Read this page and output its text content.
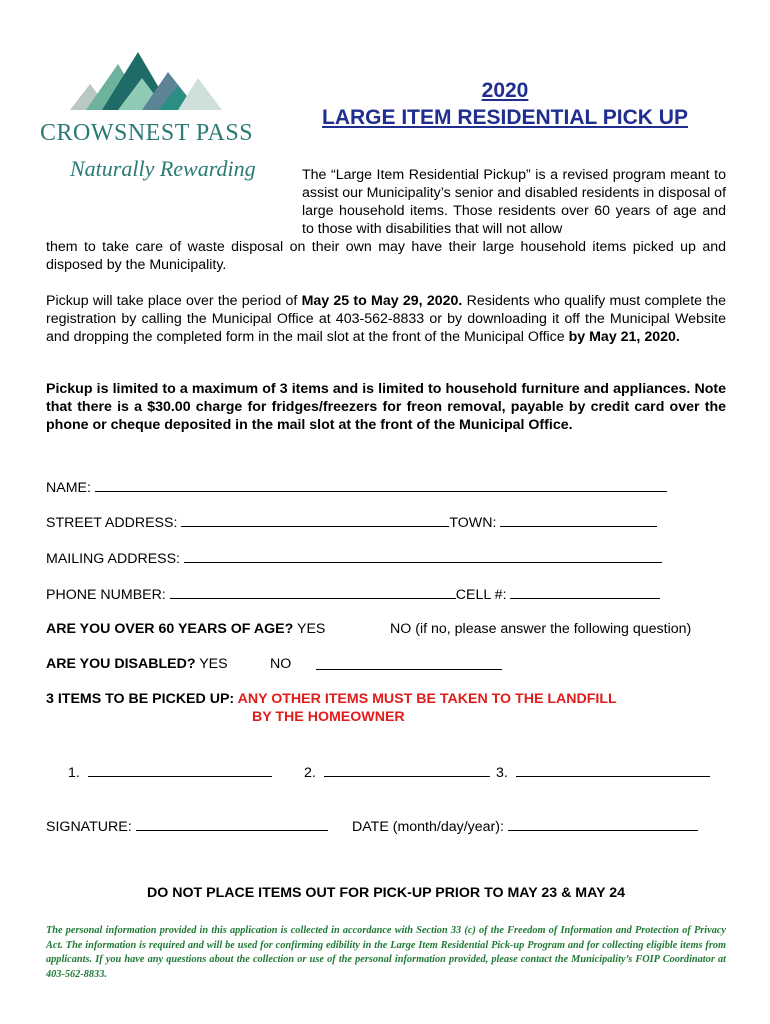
CROWSNEST PASS
Naturally Rewarding
2020
LARGE ITEM RESIDENTIAL PICK UP
The “Large Item Residential Pickup” is a revised program meant to assist our Municipality’s senior and disabled residents in disposal of large household items. Those residents over 60 years of age and to those with disabilities that will not allow
them to take care of waste disposal on their own may have their large household items picked up and disposed by the Municipality.
Pickup will take place over the period of May 25 to May 29, 2020. Residents who qualify must complete the registration by calling the Municipal Office at 403-562-8833 or by downloading it off the Municipal Website and dropping the completed form in the mail slot at the front of the Municipal Office by May 21, 2020.
Pickup is limited to a maximum of 3 items and is limited to household furniture and appliances. Note that there is a $30.00 charge for fridges/freezers for freon removal, payable by credit card over the phone or cheque deposited in the mail slot at the front of the Municipal Office.
NAME:
STREET ADDRESS:	TOWN:
MAILING ADDRESS:
PHONE NUMBER:	CELL #:
ARE YOU OVER 60 YEARS OF AGE? YES	NO (if no, please answer the following question)
ARE YOU DISABLED? YES	NO
3 ITEMS TO BE PICKED UP: ANY OTHER ITEMS MUST BE TAKEN TO THE LANDFILL
BY THE HOMEOWNER
1.	2.	3.
SIGNATURE:	DATE (month/day/year):
DO NOT PLACE ITEMS OUT FOR PICK-UP PRIOR TO MAY 23 & MAY 24
The personal information provided in this application is collected in accordance with Section 33 (c) of the Freedom of Information and Protection of Privacy Act. The information is required and will be used for confirming edibility in the Large Item Residential Pick-up Program and for collecting eligible items from applicants. If you have any questions about the collection or use of the personal information provided, please contact the Municipality’s FOIP Coordinator at 403-562-8833.
